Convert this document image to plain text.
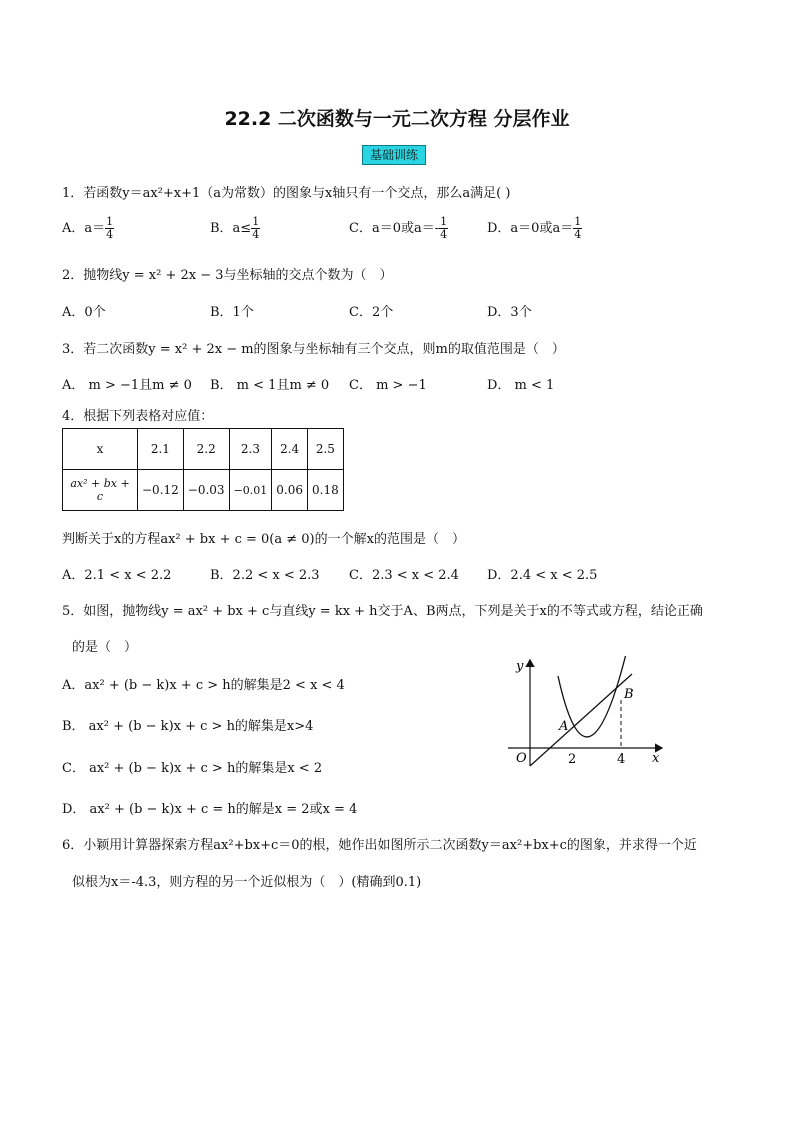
22.2 二次函数与一元二次方程 分层作业
基础训练
1．若函数y＝ax²+x+1（a为常数）的图象与x轴只有一个交点，那么a满足( )
A．$a= \frac{1}{4}$	B．$a\le \frac{1}{4}$	C．a＝0或$a=- \frac{1}{4}$	D．a＝0或$a= \frac{1}{4}$
2．抛物线y = x² + 2x − 3与坐标轴的交点个数为（　）
A．0个	B．1个	C．2个	D．3个
3．若二次函数y = x² + 2x − m的图象与坐标轴有三个交点，则m的取值范围是（　）
A． m > −1且m ≠ 0 B． m < 1且m ≠ 0 C． m > −1	D． m < 1
4．根据下列表格对应值：
x	2.1	2.2	2.3	2.4	2.5
ax² + bx + c	−0.12	−0.03	−0.01	0.06	0.18
判断关于x的方程ax² + bx + c = 0(a ≠ 0)的一个解x的范围是（　）
A．2.1 < x < 2.2	B．2.2 < x < 2.3 C．2.3 < x < 2.4 D．2.4 < x < 2.5
5．如图，抛物线y = ax² + bx + c与直线y = kx + h交于A、B两点，下列是关于x的不等式或方程，结论正确
的是（　）
A．ax² + (b − k)x + c > h的解集是2 < x < 4
B． ax² + (b − k)x + c > h的解集是x>4
C． ax² + (b − k)x + c > h的解集是x < 2
D． ax² + (b − k)x + c = h的解是x = 2或x = 4
y
x
O
A
B
2	4
6．小颖用计算器探索方程ax²+bx+c＝0的根，她作出如图所示二次函数y＝ax²+bx+c的图象，并求得一个近
似根为x＝-4.3，则方程的另一个近似根为（　）(精确到0.1)
